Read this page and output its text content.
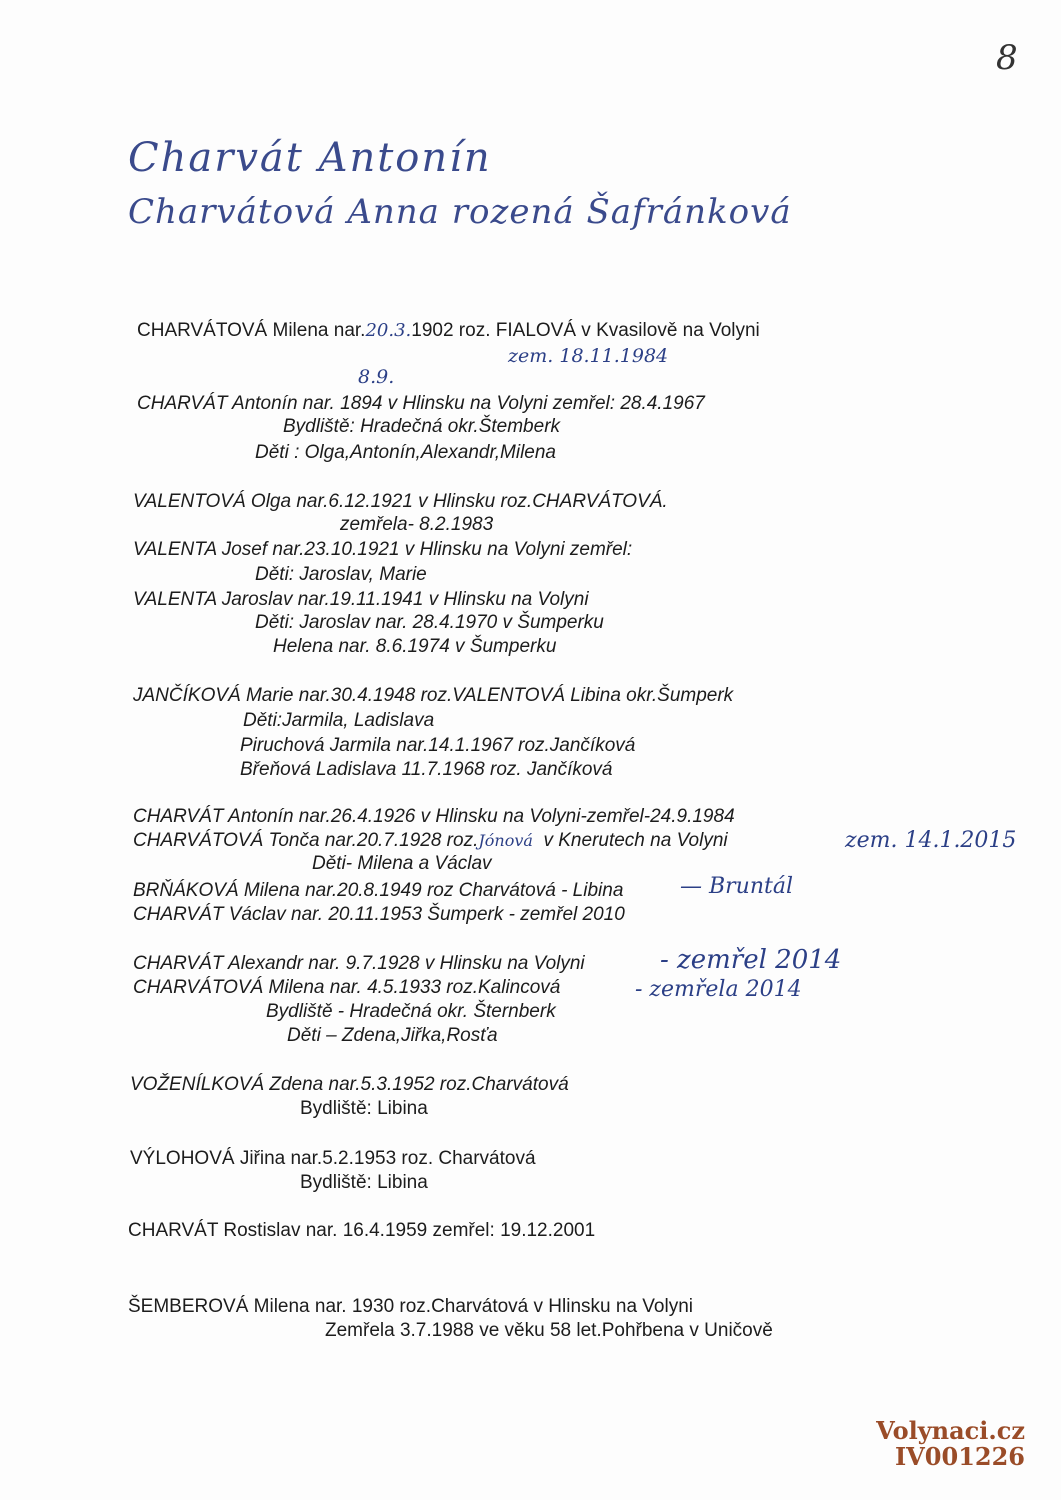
8
Charvát Antonín
Charvátová Anna rozená Šafránková
CHARVÁTOVÁ Milena nar.20.3.1902 roz. FIALOVÁ v Kvasilově na Volyni
zem. 18.11.1984
8.9.
CHARVÁT Antonín nar. 1894 v Hlinsku na Volyni zemřel: 28.4.1967
Bydliště: Hradečná okr.Štemberk
Děti : Olga,Antonín,Alexandr,Milena
VALENTOVÁ Olga nar.6.12.1921 v Hlinsku roz.CHARVÁTOVÁ.
zemřela- 8.2.1983
VALENTA Josef nar.23.10.1921 v Hlinsku na Volyni zemřel:
Děti: Jaroslav, Marie
VALENTA Jaroslav nar.19.11.1941 v Hlinsku na Volyni
Děti: Jaroslav nar. 28.4.1970 v Šumperku
Helena nar. 8.6.1974 v Šumperku
JANČÍKOVÁ Marie nar.30.4.1948 roz.VALENTOVÁ Libina okr.Šumperk
Děti:Jarmila, Ladislava
Piruchová Jarmila nar.14.1.1967 roz.Jančíková
Břeňová Ladislava 11.7.1968 roz. Jančíková
CHARVÁT Antonín nar.26.4.1926 v Hlinsku na Volyni-zemřel-24.9.1984
CHARVÁTOVÁ Tonča nar.20.7.1928 roz.Jónová v Knerutech na Volyni	zem. 14.1.2015
Děti- Milena a Václav
BRŇÁKOVÁ Milena nar.20.8.1949 roz Charvátová - Libina	— Bruntál
CHARVÁT Václav nar. 20.11.1953 Šumperk - zemřel 2010
CHARVÁT Alexandr nar. 9.7.1928 v Hlinsku na Volyni	- zemřel 2014
CHARVÁTOVÁ Milena nar. 4.5.1933 roz.Kalincová	- zemřela 2014
Bydliště - Hradečná okr. Šternberk
Děti – Zdena,Jiřka,Rosťa
VOŽENÍLKOVÁ Zdena nar.5.3.1952 roz.Charvátová
Bydliště: Libina
VÝLOHOVÁ Jiřina nar.5.2.1953 roz. Charvátová
Bydliště: Libina
CHARVÁT Rostislav nar. 16.4.1959 zemřel: 19.12.2001
ŠEMBEROVÁ Milena nar. 1930 roz.Charvátová v Hlinsku na Volyni
Zemřela 3.7.1988 ve věku 58 let.Pohřbena v Uničově
Volynaci.cz
IV001226
